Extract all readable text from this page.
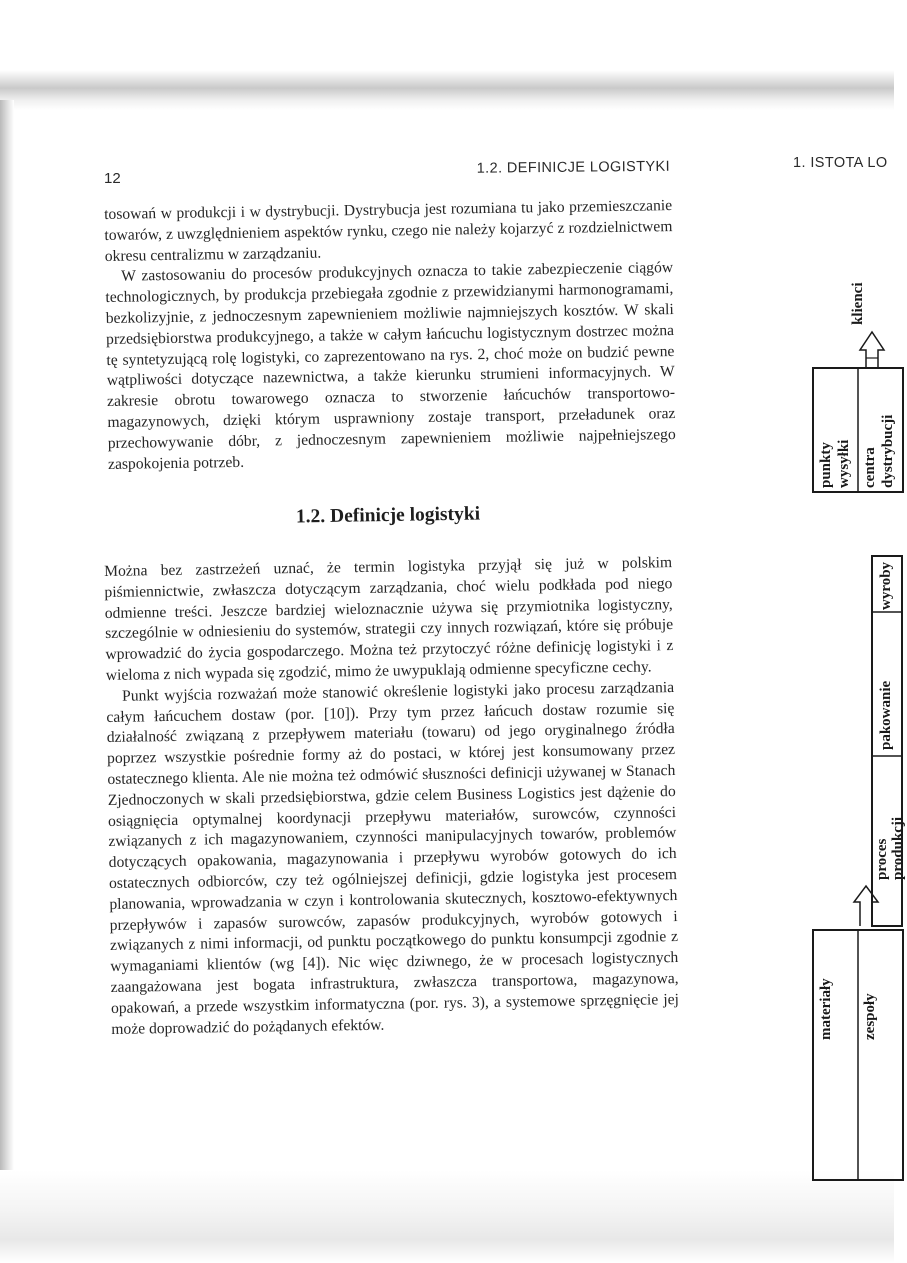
12
1.2. DEFINICJE LOGISTYKI	1. ISTOTA LO

tosowań w produkcji i w dystrybucji. Dystrybucja jest rozumiana tu jako przemieszczanie towarów, z uwzględnieniem aspektów rynku, czego nie należy kojarzyć z rozdzielnictwem okresu centralizmu w zarządzaniu.

W zastosowaniu do procesów produkcyjnych oznacza to takie zabezpieczenie ciągów technologicznych, by produkcja przebiegała zgodnie z przewidzianymi harmonogramami, bezkolizyjnie, z jednoczesnym zapewnieniem możliwie najmniejszych kosztów. W skali przedsiębiorstwa produkcyjnego, a także w całym łańcuchu logistycznym dostrzec można tę syntetyzującą rolę logistyki, co zaprezentowano na rys. 2, choć może on budzić pewne wątpliwości dotyczące nazewnictwa, a także kierunku strumieni informacyjnych. W zakresie obrotu towarowego oznacza to stworzenie łańcuchów transportowo-magazynowych, dzięki którym usprawniony zostaje transport, przeładunek oraz przechowywanie dóbr, z jednoczesnym zapewnieniem możliwie najpełniejszego zaspokojenia potrzeb.

1.2. Definicje logistyki

Można bez zastrzeżeń uznać, że termin logistyka przyjął się już w polskim piśmiennictwie, zwłaszcza dotyczącym zarządzania, choć wielu podkłada pod niego odmienne treści. Jeszcze bardziej wieloznacznie używa się przymiotnika logistyczny, szczególnie w odniesieniu do systemów, strategii czy innych rozwiązań, które się próbuje wprowadzić do życia gospodarczego. Można też przytoczyć różne definicję logistyki i z wieloma z nich wypada się zgodzić, mimo że uwypuklają odmienne specyficzne cechy.

Punkt wyjścia rozważań może stanowić określenie logistyki jako procesu zarządzania całym łańcuchem dostaw (por. [10]). Przy tym przez łańcuch dostaw rozumie się działalność związaną z przepływem materiału (towaru) od jego oryginalnego źródła poprzez wszystkie pośrednie formy aż do postaci, w której jest konsumowany przez ostatecznego klienta. Ale nie można też odmówić słuszności definicji używanej w Stanach Zjednoczonych w skali przedsiębiorstwa, gdzie celem Business Logistics jest dążenie do osiągnięcia optymalnej koordynacji przepływu materiałów, surowców, czynności związanych z ich magazynowaniem, czynności manipulacyjnych towarów, problemów dotyczących opakowania, magazynowania i przepływu wyrobów gotowych do ich ostatecznych odbiorców, czy też ogólniejszej definicji, gdzie logistyka jest procesem planowania, wprowadzania w czyn i kontrolowania skutecznych, kosztowo-efektywnych przepływów i zapasów surowców, zapasów produkcyjnych, wyrobów gotowych i związanych z nimi informacji, od punktu początkowego do punktu konsumpcji zgodnie z wymaganiami klientów (wg [4]). Nic więc dziwnego, że w procesach logistycznych zaangażowana jest bogata infrastruktura, zwłaszcza transportowa, magazynowa, opakowań, a przede wszystkim informatyczna (por. rys. 3), a systemowe sprzęgnięcie jej może doprowadzić do pożądanych efektów.

klienci
punkty wysyłki centra dystrybucji
wyroby
pakowanie
proces produkcji
materiały zespoły
